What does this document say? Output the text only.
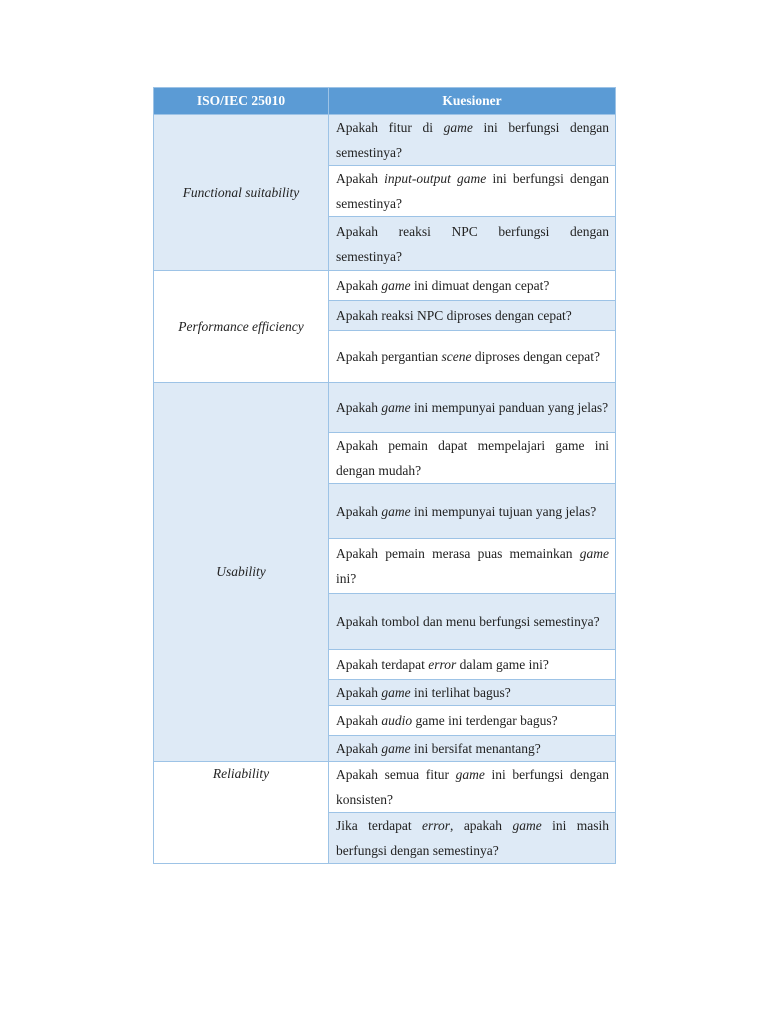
ISO/IEC 25010	Kuesioner
Functional suitability	Apakah fitur di game ini berfungsi dengan semestinya?
	Apakah input-output game ini berfungsi dengan semestinya?
	Apakah reaksi NPC berfungsi dengan semestinya?
Performance efficiency	Apakah game ini dimuat dengan cepat?
	Apakah reaksi NPC diproses dengan cepat?
	Apakah pergantian scene diproses dengan cepat?
Usability	Apakah game ini mempunyai panduan yang jelas?
	Apakah pemain dapat mempelajari game ini dengan mudah?
	Apakah game ini mempunyai tujuan yang jelas?
	Apakah pemain merasa puas memainkan game ini?
	Apakah tombol dan menu berfungsi semestinya?
	Apakah terdapat error dalam game ini?
	Apakah game ini terlihat bagus?
	Apakah audio game ini terdengar bagus?
	Apakah game ini bersifat menantang?
Reliability	Apakah semua fitur game ini berfungsi dengan konsisten?
	Jika terdapat error, apakah game ini masih berfungsi dengan semestinya?
